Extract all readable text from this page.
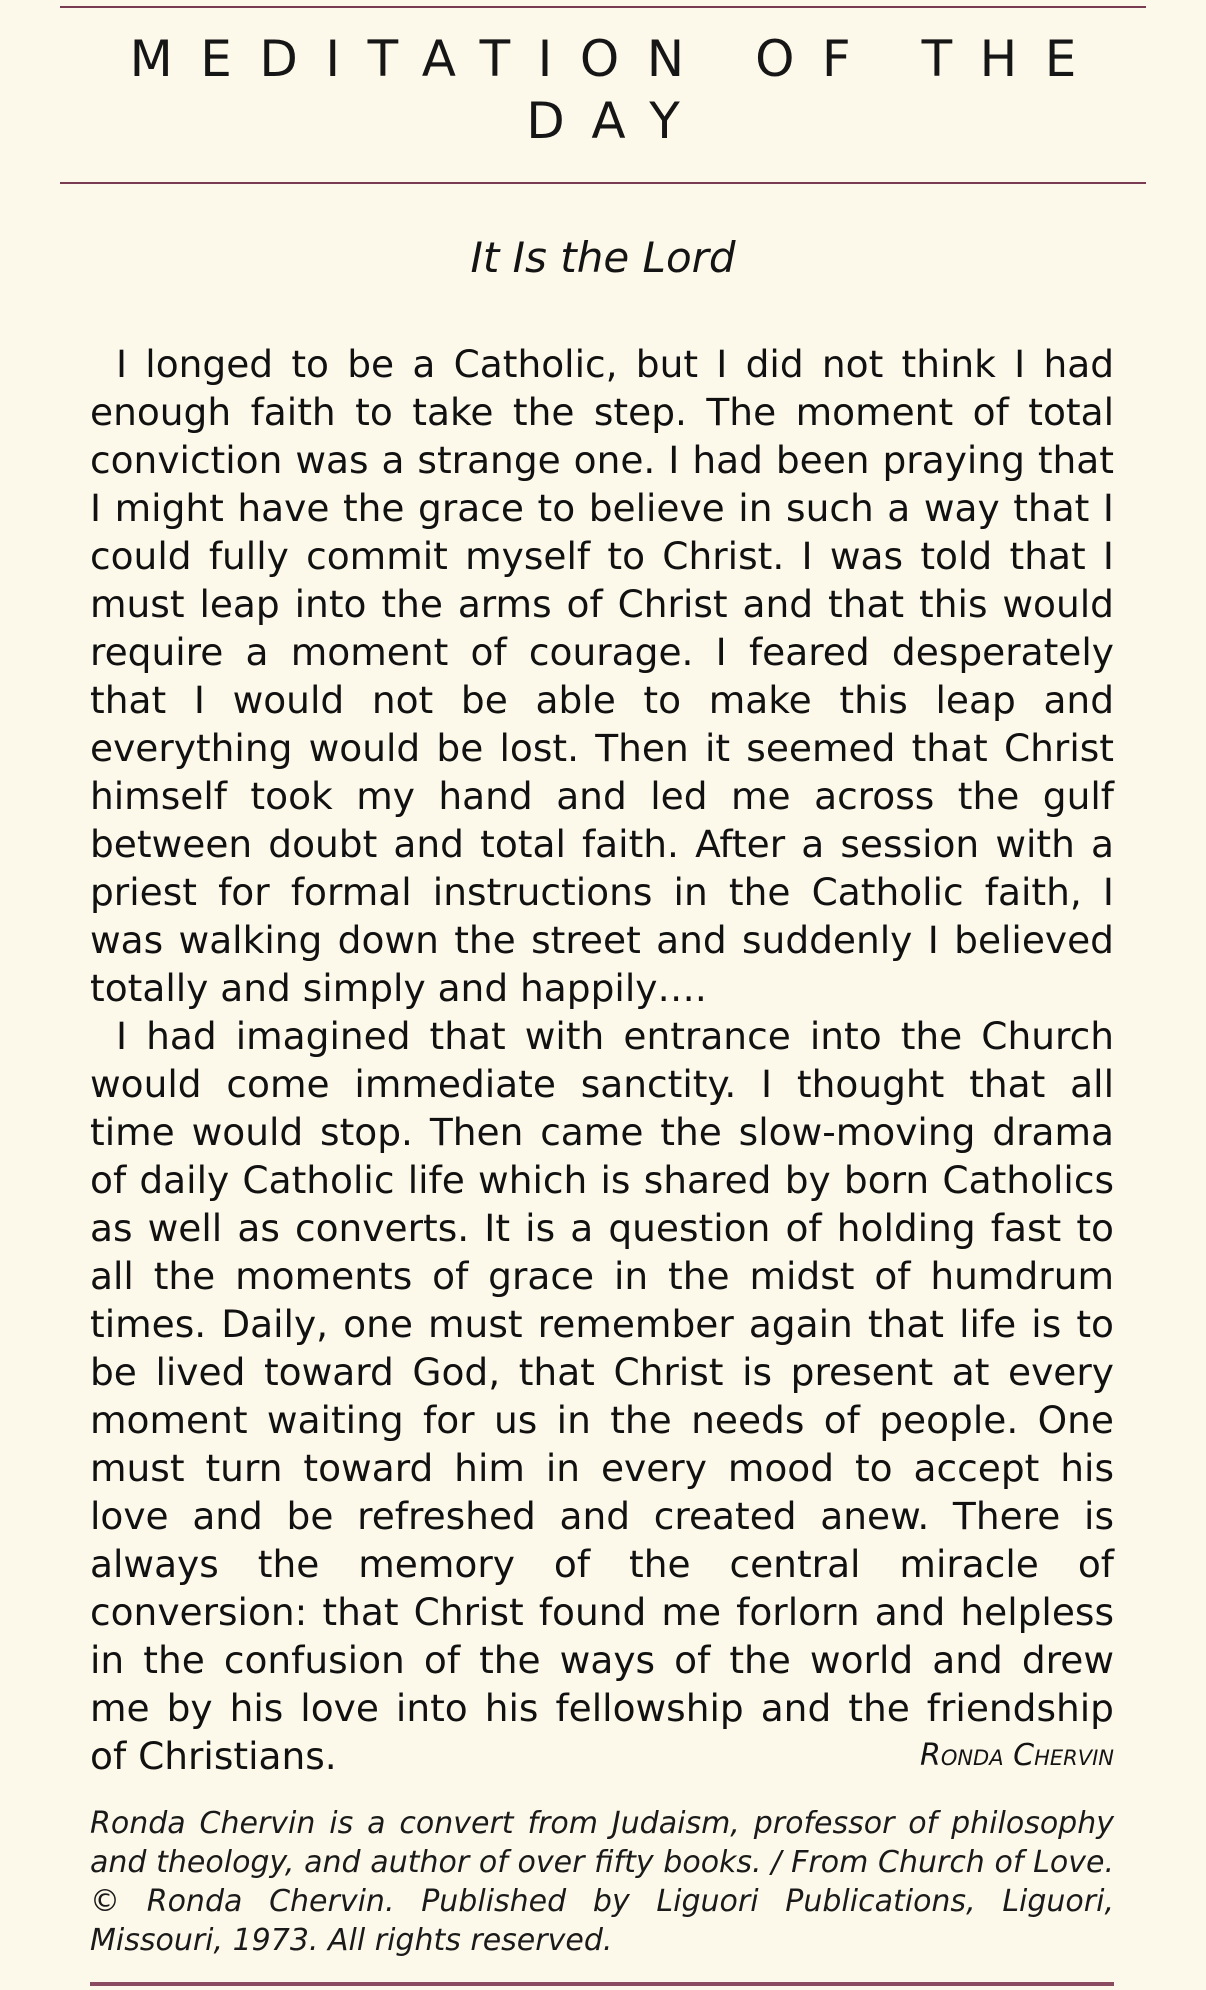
MEDITATION OF THE DAY
It Is the Lord

I longed to be a Catholic, but I did not think I had enough faith to take the step. The moment of total conviction was a strange one. I had been praying that I might have the grace to believe in such a way that I could fully commit myself to Christ. I was told that I must leap into the arms of Christ and that this would require a moment of courage. I feared desperately that I would not be able to make this leap and everything would be lost. Then it seemed that Christ himself took my hand and led me across the gulf between doubt and total faith. After a session with a priest for formal instructions in the Catholic faith, I was walking down the street and suddenly I believed totally and simply and happily….

I had imagined that with entrance into the Church would come immediate sanctity. I thought that all time would stop. Then came the slow-moving drama of daily Catholic life which is shared by born Catholics as well as converts. It is a question of holding fast to all the moments of grace in the midst of humdrum times. Daily, one must remember again that life is to be lived toward God, that Christ is present at every moment waiting for us in the needs of people. One must turn toward him in every mood to accept his love and be refreshed and created anew. There is always the memory of the central miracle of conversion: that Christ found me forlorn and helpless in the confusion of the ways of the world and drew me by his love into his fellowship and the friendship of Christians.	Ronda Chervin

Ronda Chervin is a convert from Judaism, professor of philosophy and theology, and author of over fifty books. / From Church of Love. © Ronda Chervin. Published by Liguori Publications, Liguori, Missouri, 1973. All rights reserved.
